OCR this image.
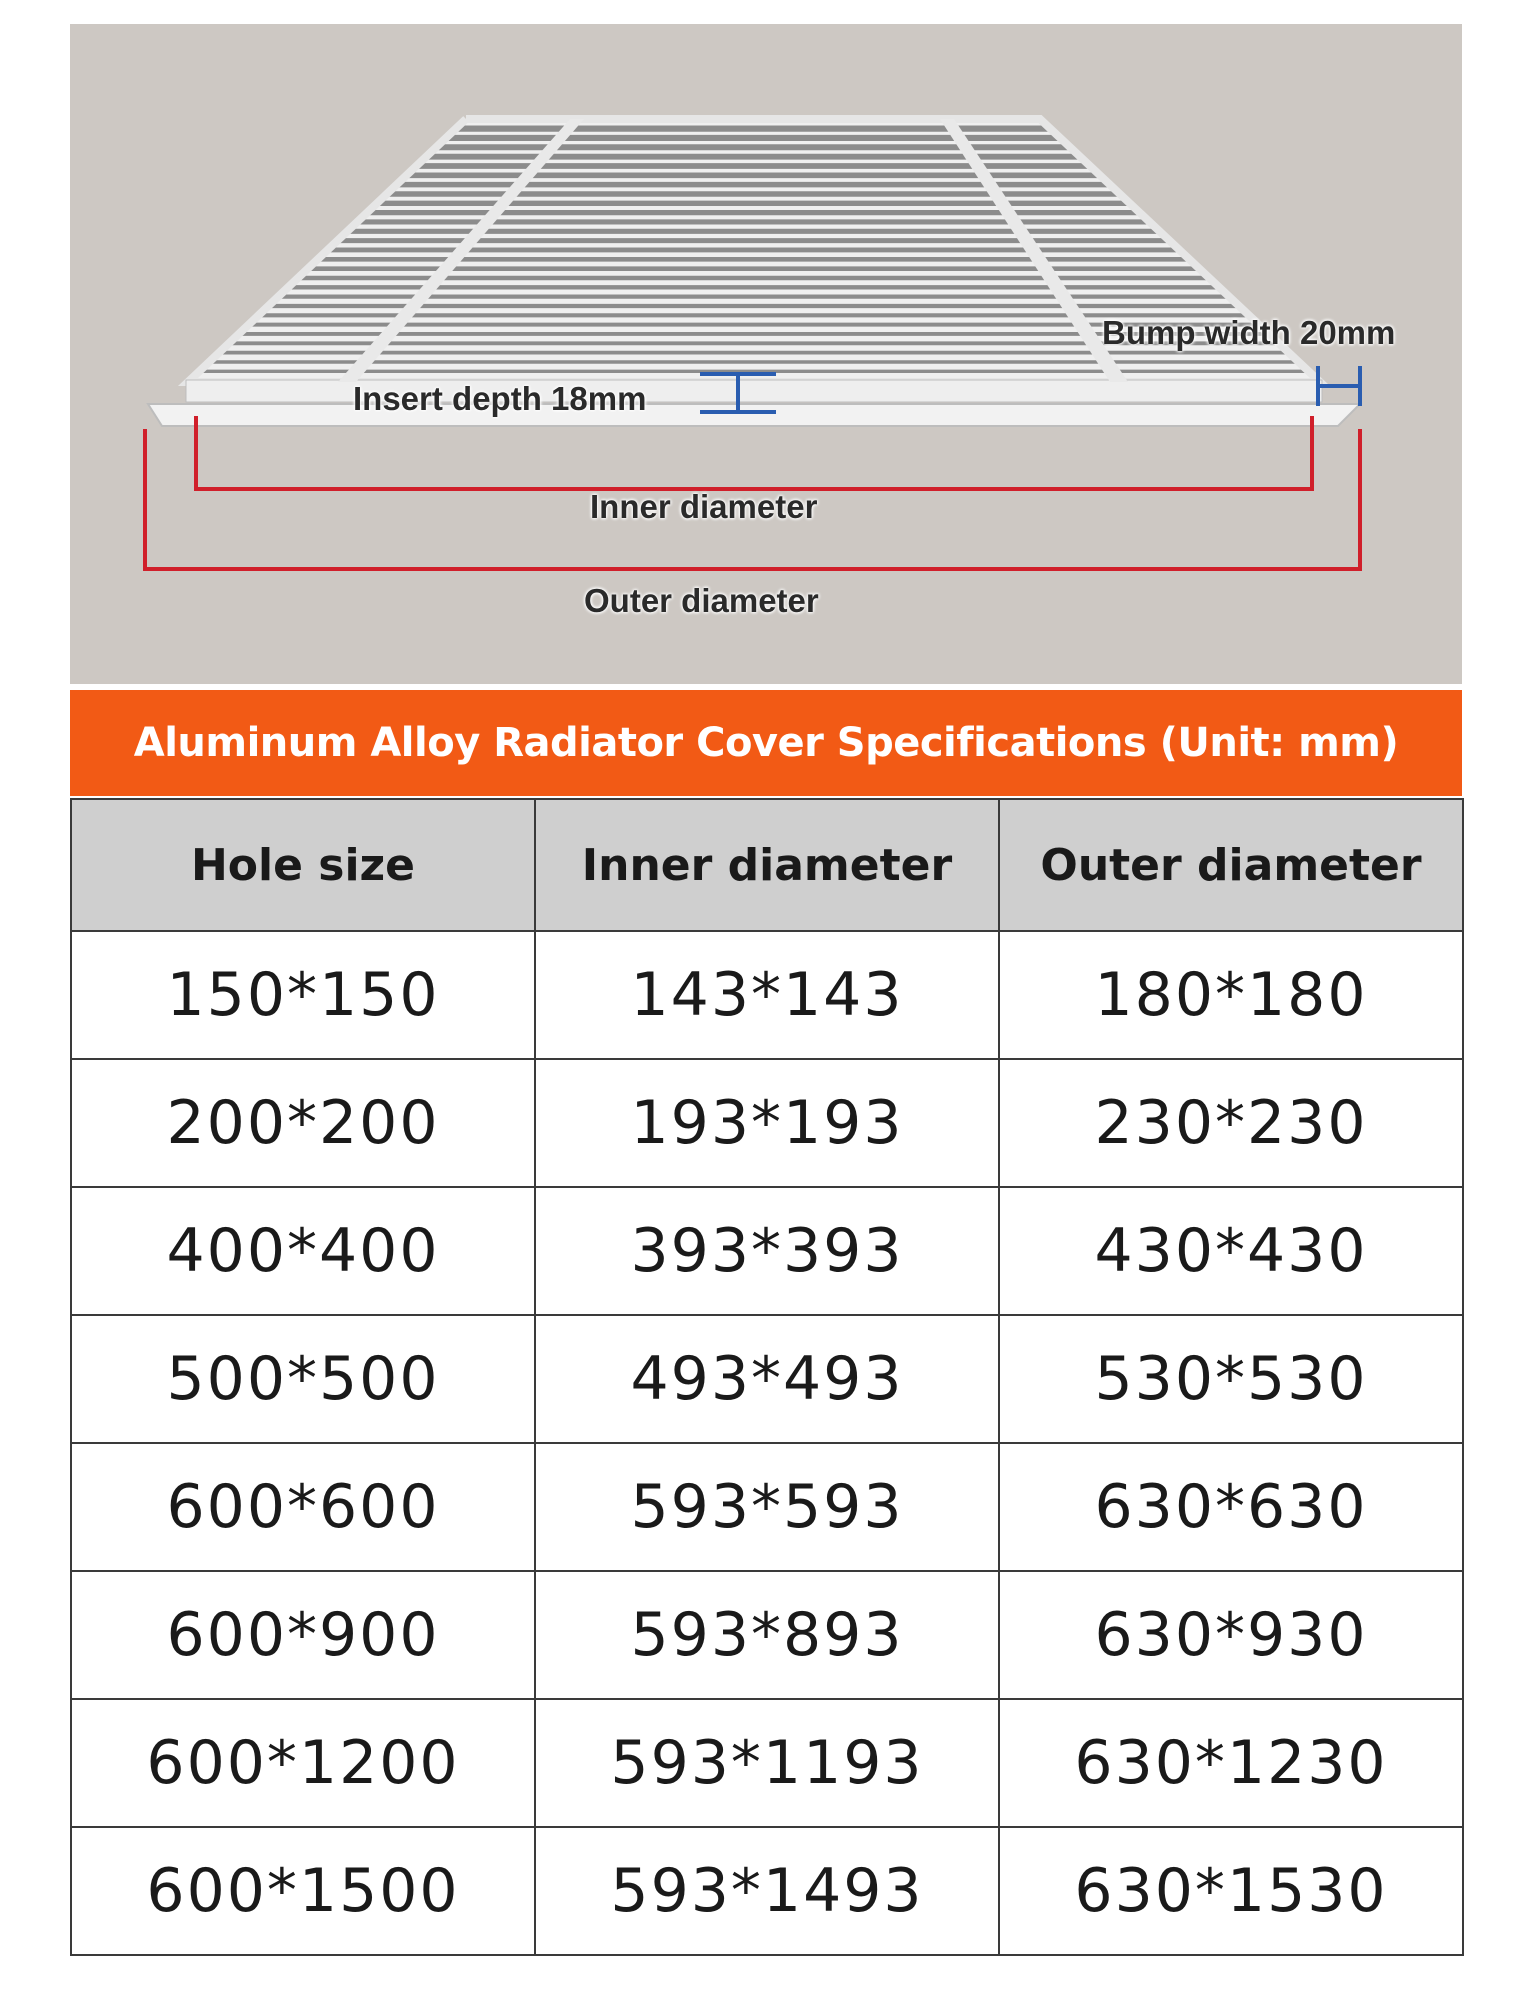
Bump width 20mm
Insert depth 18mm
Inner diameter
Outer diameter
Aluminum Alloy Radiator Cover Specifications (Unit: mm)
Hole size	Inner diameter	Outer diameter
150*150	143*143	180*180
200*200	193*193	230*230
400*400	393*393	430*430
500*500	493*493	530*530
600*600	593*593	630*630
600*900	593*893	630*930
600*1200	593*1193	630*1230
600*1500	593*1493	630*1530
